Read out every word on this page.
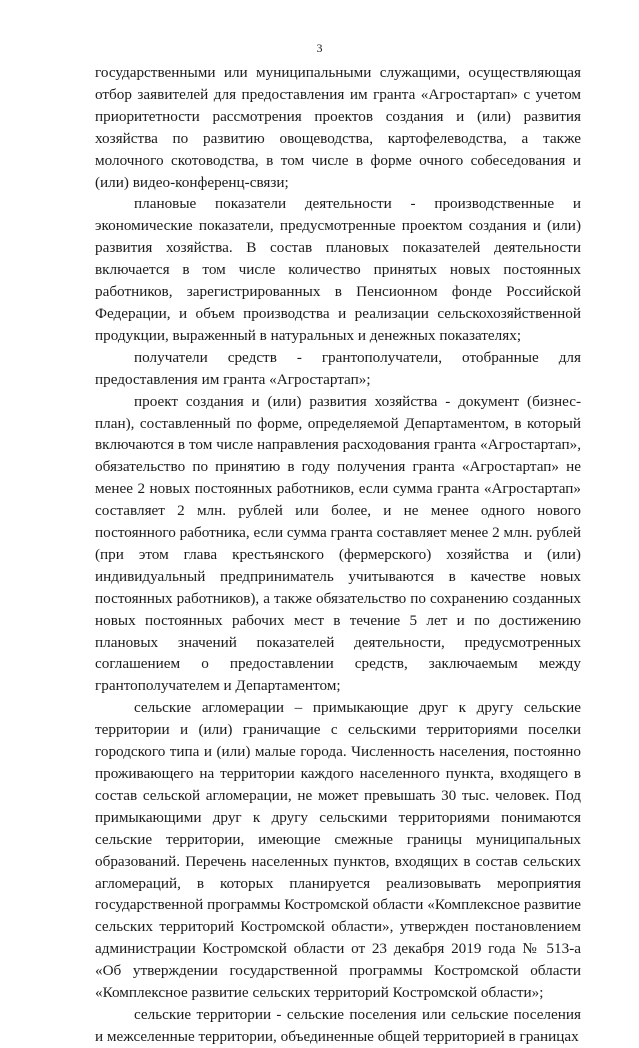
3

государственными или муниципальными служащими, осуществляющая отбор заявителей для предоставления им гранта «Агростартап» с учетом приоритетности рассмотрения проектов создания и (или) развития хозяйства по развитию овощеводства, картофелеводства, а также молочного скотоводства, в том числе в форме очного собеседования и (или) видео-конференц-связи;

плановые показатели деятельности - производственные и экономические показатели, предусмотренные проектом создания и (или) развития хозяйства. В состав плановых показателей деятельности включается в том числе количество принятых новых постоянных работников, зарегистрированных в Пенсионном фонде Российской Федерации, и объем производства и реализации сельскохозяйственной продукции, выраженный в натуральных и денежных показателях;

получатели средств - грантополучатели, отобранные для предоставления им гранта «Агростартап»;

проект создания и (или) развития хозяйства - документ (бизнес-план), составленный по форме, определяемой Департаментом, в который включаются в том числе направления расходования гранта «Агростартап», обязательство по принятию в году получения гранта «Агростартап» не менее 2 новых постоянных работников, если сумма гранта «Агростартап» составляет 2 млн. рублей или более, и не менее одного нового постоянного работника, если сумма гранта составляет менее 2 млн. рублей (при этом глава крестьянского (фермерского) хозяйства и (или) индивидуальный предприниматель учитываются в качестве новых постоянных работников), а также обязательство по сохранению созданных новых постоянных рабочих мест в течение 5 лет и по достижению плановых значений показателей деятельности, предусмотренных соглашением о предоставлении средств, заключаемым между грантополучателем и Департаментом;

сельские агломерации – примыкающие друг к другу сельские территории и (или) граничащие с сельскими территориями поселки городского типа и (или) малые города. Численность населения, постоянно проживающего на территории каждого населенного пункта, входящего в состав сельской агломерации, не может превышать 30 тыс. человек. Под примыкающими друг к другу сельскими территориями понимаются сельские территории, имеющие смежные границы муниципальных образований. Перечень населенных пунктов, входящих в состав сельских агломераций, в которых планируется реализовывать мероприятия государственной программы Костромской области «Комплексное развитие сельских территорий Костромской области», утвержден постановлением администрации Костромской области от 23 декабря 2019 года № 513-а «Об утверждении государственной программы Костромской области «Комплексное развитие сельских территорий Костромской области»;

сельские территории - сельские поселения или сельские поселения и межселенные территории, объединенные общей территорией в границах
